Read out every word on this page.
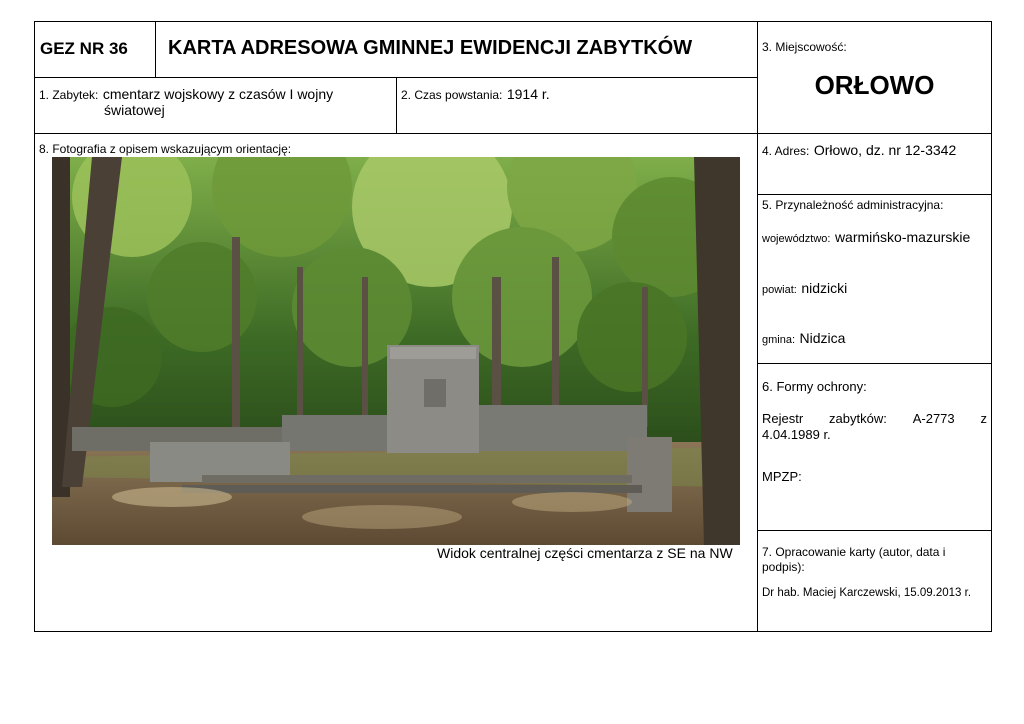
GEZ NR 36 KARTA ADRESOWA GMINNEJ EWIDENCJI ZABYTKÓW
1. Zabytek: cmentarz wojskowy z czasów I wojny
światowej
2. Czas powstania: 1914 r.
3. Miejscowość:
ORŁOWO
4. Adres: Orłowo, dz. nr 12-3342
5. Przynależność administracyjna:
województwo: warmińsko-mazurskie
powiat: nidzicki
gmina: Nidzica
6. Formy ochrony:
Rejestr zabytków: A-2773 z
4.04.1989 r.
MPZP:
7. Opracowanie karty (autor, data i
podpis):
Dr hab. Maciej Karczewski, 15.09.2013 r.
8. Fotografia z opisem wskazującym orientację:
Widok centralnej części cmentarza z SE na NW
